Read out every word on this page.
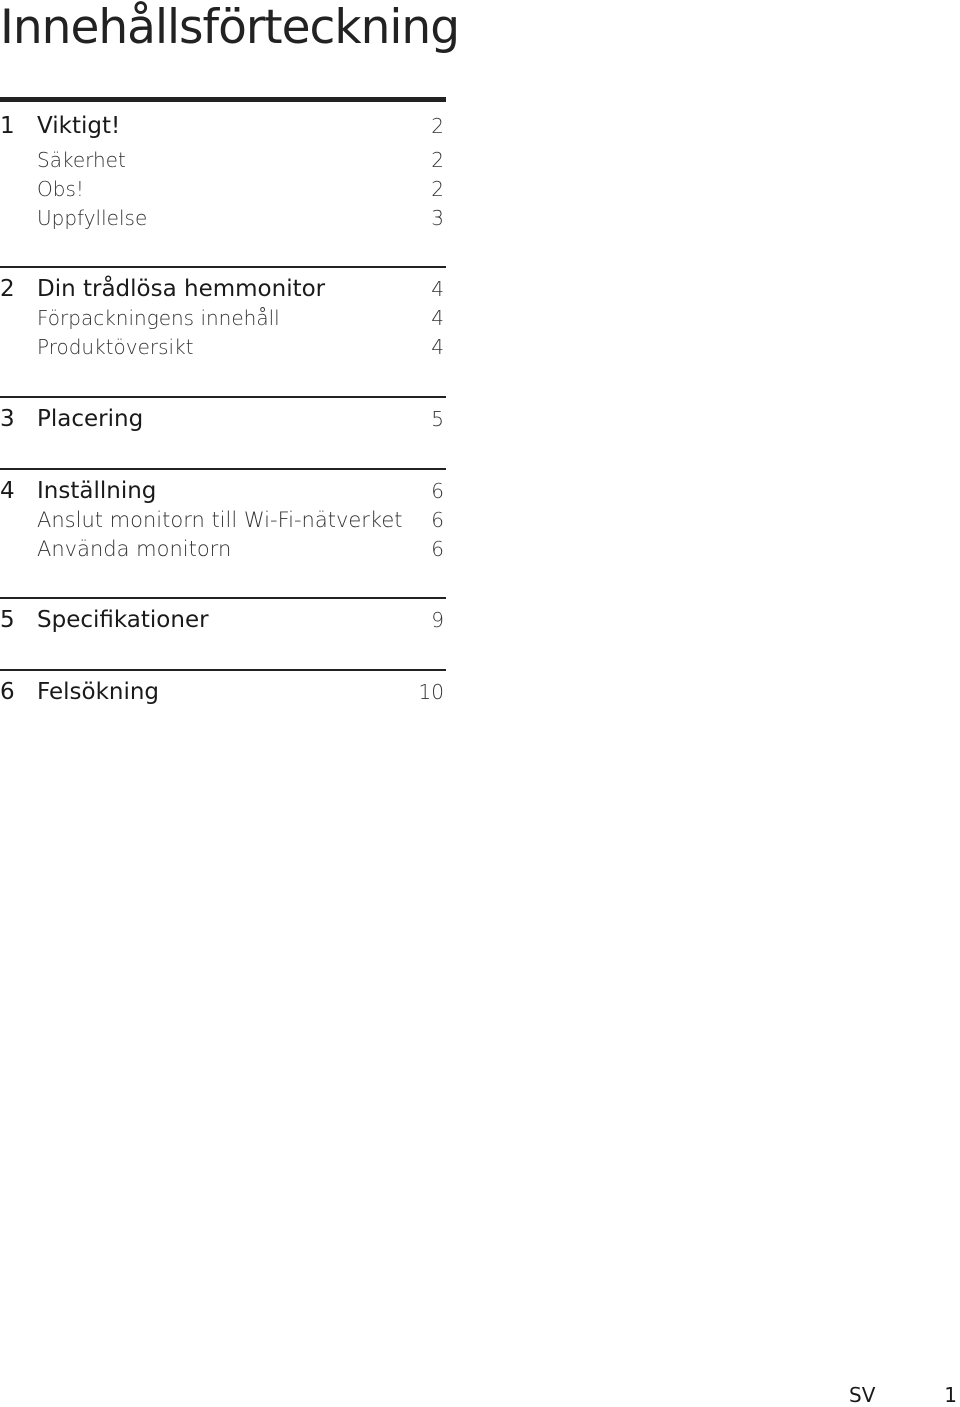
Innehållsförteckning
1 Viktigt!	2
Säkerhet	2
Obs!	2
Uppfyllelse	3
2 Din trådlösa hemmonitor	4
Förpackningens innehåll	4
Produktöversikt	4
3 Placering	5
4 Inställning	6
Anslut monitorn till Wi-Fi-nätverket 6
Använda monitorn	6
5 Specifikationer	9
6 Felsökning	10
SV	1
